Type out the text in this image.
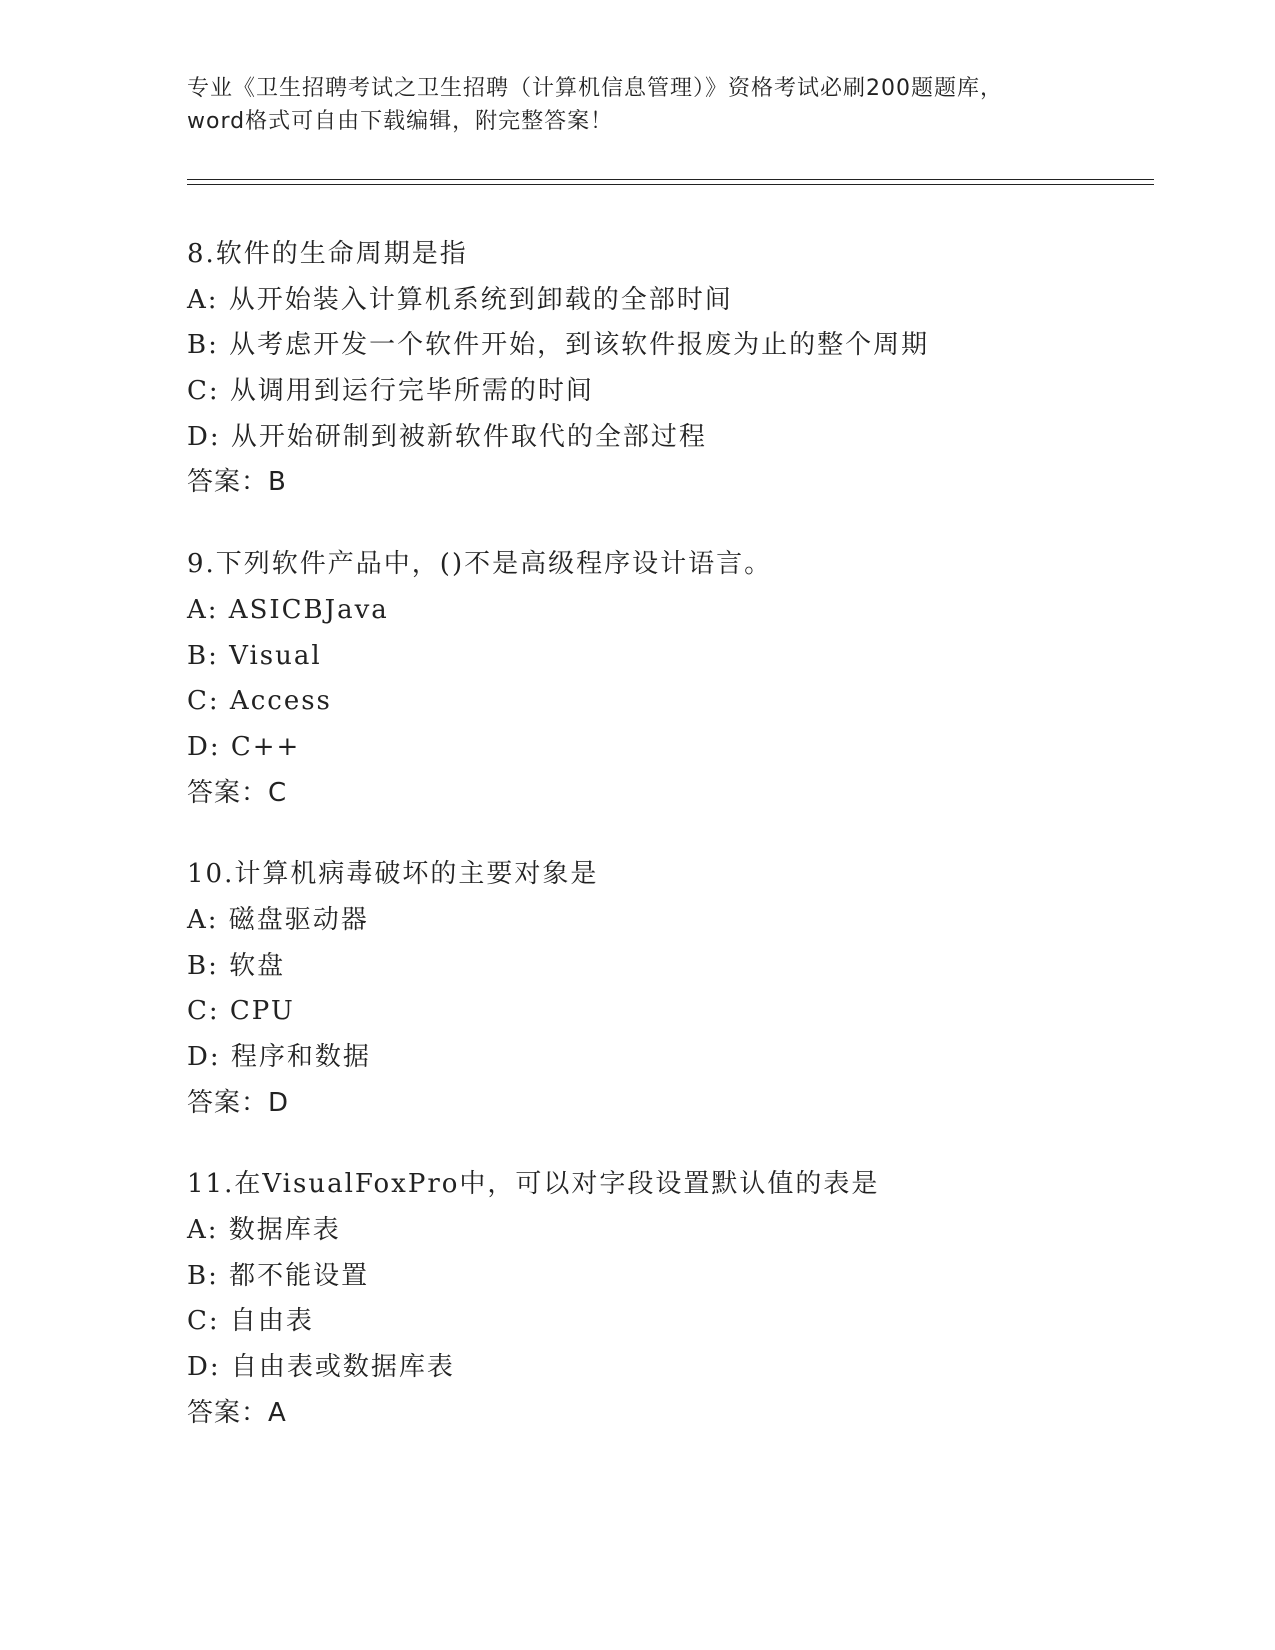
专业《卫生招聘考试之卫生招聘（计算机信息管理）》资格考试必刷200题题库，
word格式可自由下载编辑，附完整答案！
8.软件的生命周期是指
A: 从开始装入计算机系统到卸载的全部时间
B: 从考虑开发一个软件开始，到该软件报废为止的整个周期
C: 从调用到运行完毕所需的时间
D: 从开始研制到被新软件取代的全部过程
答案：B
9.下列软件产品中，()不是高级程序设计语言。
A: ASICBJava
B: Visual
C: Access
D: C++
答案：C
10.计算机病毒破坏的主要对象是
A: 磁盘驱动器
B: 软盘
C: CPU
D: 程序和数据
答案：D
11.在VisualFoxPro中，可以对字段设置默认值的表是
A: 数据库表
B: 都不能设置
C: 自由表
D: 自由表或数据库表
答案：A
